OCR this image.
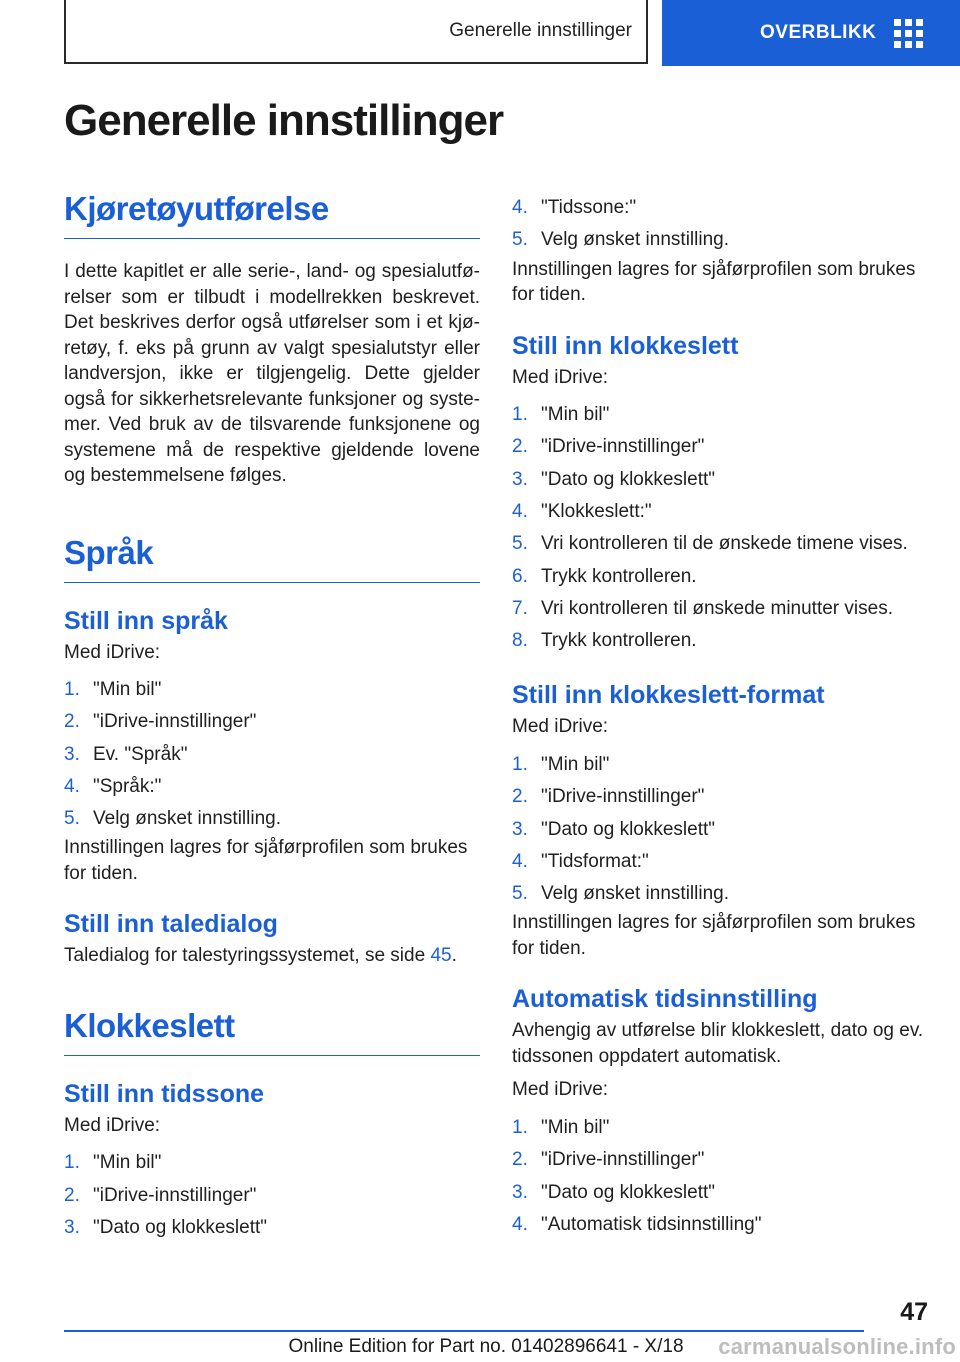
Generelle innstillinger	OVERBLIKK
Generelle innstillinger
Kjøretøyutførelse

I dette kapitlet er alle serie-, land- og spesialutfø-relser som er tilbudt i modellrekken beskrevet. Det beskrives derfor også utførelser som i et kjø-retøy, f. eks på grunn av valgt spesialutstyr eller landversjon, ikke er tilgjengelig. Dette gjelder også for sikkerhetsrelevante funksjoner og syste-mer. Ved bruk av de tilsvarende funksjonene og systemene må de respektive gjeldende lovene og bestemmelsene følges.

Språk
Still inn språk

Med iDrive:

1. "Min bil"
2. "iDrive-innstillinger"
3. Ev. "Språk"
4. "Språk:"
5. Velg ønsket innstilling.

Innstillingen lagres for sjåførprofilen som brukes for tiden.

Still inn taledialog

Taledialog for talestyringssystemet, se side 45.

Klokkeslett
Still inn tidssone

Med iDrive:

1. "Min bil"
2. "iDrive-innstillinger"
3. "Dato og klokkeslett"
4. "Tidssone:"
5. Velg ønsket innstilling.

Innstillingen lagres for sjåførprofilen som brukes for tiden.

Still inn klokkeslett

Med iDrive:

1. "Min bil"
2. "iDrive-innstillinger"
3. "Dato og klokkeslett"
4. "Klokkeslett:"
5. Vri kontrolleren til de ønskede timene vises.
6. Trykk kontrolleren.
7. Vri kontrolleren til ønskede minutter vises.
8. Trykk kontrolleren.
Still inn klokkeslett-format

Med iDrive:

1. "Min bil"
2. "iDrive-innstillinger"
3. "Dato og klokkeslett"
4. "Tidsformat:"
5. Velg ønsket innstilling.

Innstillingen lagres for sjåførprofilen som brukes for tiden.

Automatisk tidsinnstilling

Avhengig av utførelse blir klokkeslett, dato og ev. tidssonen oppdatert automatisk.

Med iDrive:

1. "Min bil"
2. "iDrive-innstillinger"
3. "Dato og klokkeslett"
4. "Automatisk tidsinnstilling"
47
Online Edition for Part no. 01402896641 - X/18	carmanualsonline.info
